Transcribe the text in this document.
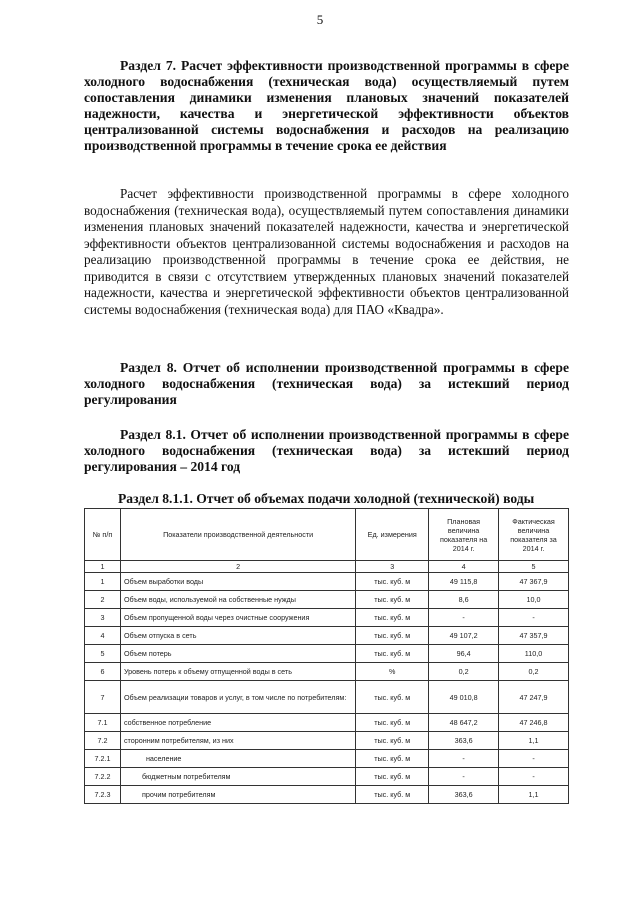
5

Раздел 7. Расчет эффективности производственной программы в сфере холодного водоснабжения (техническая вода) осуществляемый путем сопоставления динамики изменения плановых значений показателей надежности, качества и энергетической эффективности объектов централизованной системы водоснабжения и расходов на реализацию производственной программы в течение срока ее действия

Расчет эффективности производственной программы в сфере холодного водоснабжения (техническая вода), осуществляемый путем сопоставления динамики изменения плановых значений показателей надежности, качества и энергетической эффективности объектов централизованной системы водоснабжения и расходов на реализацию производственной программы в течение срока ее действия, не приводится в связи с отсутствием утвержденных плановых значений показателей надежности, качества и энергетической эффективности объектов централизованной системы водоснабжения (техническая вода) для ПАО «Квадра».

Раздел 8. Отчет об исполнении производственной программы в сфере холодного водоснабжения (техническая вода) за истекший период регулирования

Раздел 8.1. Отчет об исполнении производственной программы в сфере холодного водоснабжения (техническая вода) за истекший период регулирования – 2014 год

Раздел 8.1.1. Отчет об объемах подачи холодной (технической) воды
№ п/п	Показатели производственной деятельности	Ед. измерения	Плановая величина показателя на 2014 г.	Фактическая величина показателя за 2014 г.
1	2	3	4	5
1	Объем выработки воды	тыс. куб. м	49 115,8	47 367,9
2	Объем воды, используемой на собственные нужды	тыс. куб. м	8,6	10,0
3	Объем пропущенной воды через очистные сооружения	тыс. куб. м	-	-
4	Объем отпуска в сеть	тыс. куб. м	49 107,2	47 357,9
5	Объем потерь	тыс. куб. м	96,4	110,0
6	Уровень потерь к объему отпущенной воды в сеть	%	0,2	0,2
7	Объем реализации товаров и услуг, в том числе по потребителям:	тыс. куб. м	49 010,8	47 247,9
7.1	собственное потребление	тыс. куб. м	48 647,2	47 246,8
7.2	сторонним потребителям, из них	тыс. куб. м	363,6	1,1
7.2.1	население	тыс. куб. м	-	-
7.2.2	бюджетным потребителям	тыс. куб. м	-	-
7.2.3	прочим потребителям	тыс. куб. м	363,6	1,1
